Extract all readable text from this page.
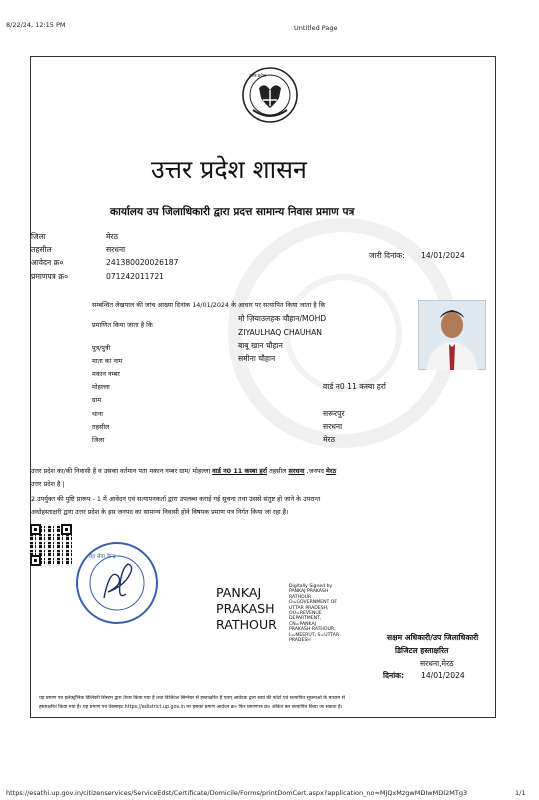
8/22/24, 12:15 PM	Untitled Page
उत्तर प्रदेश
उत्तर प्रदेश शासन
कार्यालय उप जिलाधिकारी द्वारा प्रदत्त सामान्य निवास प्रमाण पत्र
जिला	मेरठ
तहसील	सरधना
आवेदन क्र०	241380020026187
प्रमाणपत्र क्र०	071242011721
जारी दिनांक: 14/01/2024
सम्बन्धित लेखपाल की जांच आख्या दिनांक 14/01/2024 के आधार पर सत्यापित किया जाता है कि
प्रमाणित किया जाता है कि
मो ज़ियाउलहक चौहान/MOHD
ZIYAULHAQ CHAUHAN
पुत्र/पुत्री	बाबू खान चौहान
माता का नाम	समीना चौहान
मकान नम्बर
मोहल्ला	वार्ड न0 11 कस्बा हर्रा
ग्राम
थाना	सरूरपुर
तहसील	सरधना
जिला	मेरठ
उत्तर प्रदेश का/की निवासी है व उसका वर्तमान पता मकान नम्बर ग्राम/ मोहल्ला वार्ड न0 11 कस्बा हर्रा तहसील सरधना ,जनपद मेरठ
उत्तर प्रदेश है |
2.उपर्युक्त की पुष्टि प्रारूप - 1 में आवेदन एवं सत्यापनकर्ता द्वारा उपलब्ध कराई गई सूचना तथा उससे संतुष्ट हो जाने के उपरान्त
अधोहस्ताक्षरी द्वारा उत्तर प्रदेश के इस जनपद का सामान्य निवासी होने विषयक प्रमाण पत्र निर्गत किया जा रहा है।
तह सेवा केन्द्र
PANKAJ
PRAKASH
RATHOUR
Digitally Signed by
PANKAJ PRAKASH
RATHOUR
O=GOVERNMENT OF
UTTAR PRADESH,
OU=REVENUE
DEPARTMENT,
CN=PANKAJ
PRAKASH RATHOUR,
L=MEERUT, S=UTTAR
PRADESH	सक्षम अधिकारी/उप जिलाधिकारी
डिजिटल हस्ताक्षरित
सरधना,मेरठ
दिनांक: 14/01/2024
यह प्रमाण पत्र इलेक्ट्रॉनिक डिलिवरी सिस्टम द्वारा तैयार किया गया है तथा डिजिटल सिग्नेचर से हस्ताक्षरित है एवम् आवेदक द्वारा स्वयं की फोटो एवं सत्यापित सूचनाओ के माध्यम से
हस्ताक्षरित किया गया है। यह प्रमाण पत्र वेबसाइट https://edistrict.up.gov.in पर इसका प्रमाण आवेदन क्र० फिर प्रमाणपत्र क्र० अंकित कर सत्यापित किया जा सकता है।
https://esathi.up.gov.in/citizenservices/ServiceEdst/Certificate/Domicile/Forms/printDomCert.aspx?application_no=MjQxMzgwMDIwMDI2MTg3	1/1
